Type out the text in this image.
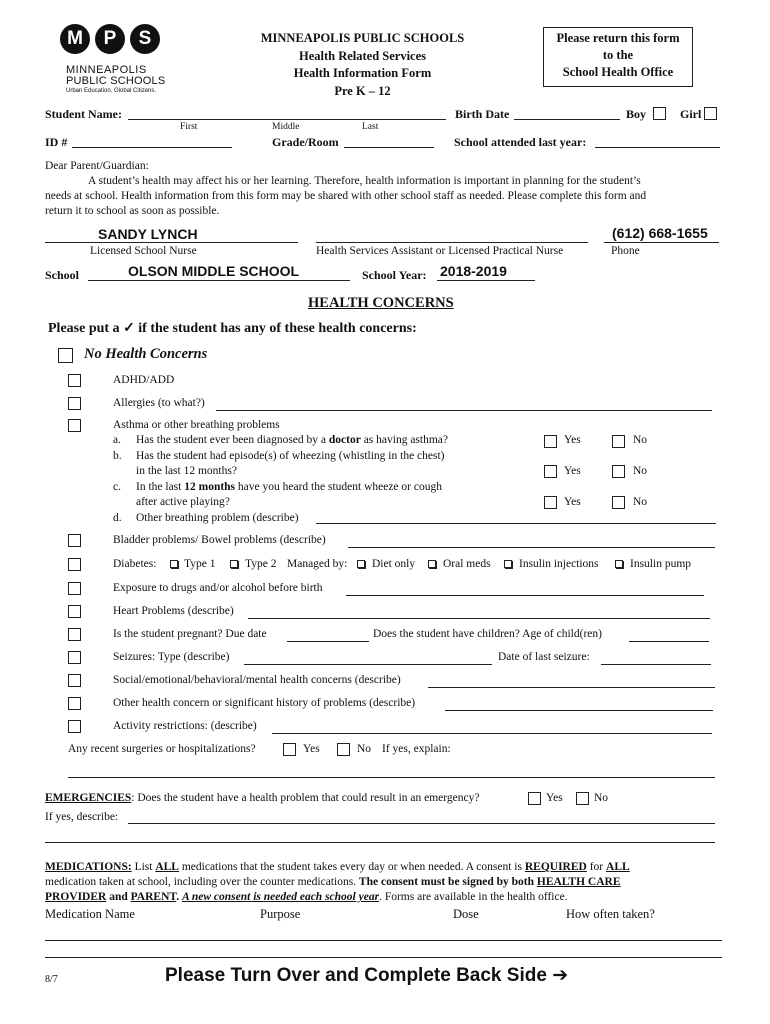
M	P	S
MINNEAPOLIS
PUBLIC SCHOOLS
Urban Education. Global Citizens.
MINNEAPOLIS PUBLIC SCHOOLS
Health Related Services
Health Information Form
Pre K – 12
Please return this form
to the
School Health Office
Student Name:
First	Middle	Last
Birth Date	Boy	Girl
ID #	Grade/Room	School attended last year:
Dear Parent/Guardian:
A student’s health may affect his or her learning. Therefore, health information is important in planning for the student’s
needs at school. Health information from this form may be shared with other school staff as needed. Please complete this form and
return it to school as soon as possible.
SANDY LYNCH
Licensed School Nurse	Health Services Assistant or Licensed Practical Nurse
(612) 668-1655
Phone
School	OLSON MIDDLE SCHOOL	School Year: 2018-2019
HEALTH CONCERNS
Please put a ✓ if the student has any of these health concerns:
No Health Concerns
ADHD/ADD
Allergies (to what?)
Asthma or other breathing problems
a. Has the student ever been diagnosed by a doctor as having asthma?	Yes	No
b. Has the student had episode(s) of wheezing (whistling in the chest)
in the last 12 months?	Yes	No
c. In the last 12 months have you heard the student wheeze or cough
after active playing?	Yes	No
d. Other breathing problem (describe)
Bladder problems/ Bowel problems (describe)
Diabetes: Type 1	Type 2 Managed by: Diet only Oral meds Insulin injections	Insulin pump
Exposure to drugs and/or alcohol before birth
Heart Problems (describe)
Is the student pregnant? Due date	Does the student have children? Age of child(ren)
Seizures: Type (describe)	Date of last seizure:
Social/emotional/behavioral/mental health concerns (describe)
Other health concern or significant history of problems (describe)
Activity restrictions: (describe)
Any recent surgeries or hospitalizations?	Yes	No If yes, explain:
EMERGENCIES: Does the student have a health problem that could result in an emergency?	Yes	No
If yes, describe:
MEDICATIONS: List ALL medications that the student takes every day or when needed. A consent is REQUIRED for ALL
medication taken at school, including over the counter medications. The consent must be signed by both HEALTH CARE
PROVIDER and PARENT. A new consent is needed each school year. Forms are available in the health office.
Medication Name	Purpose	Dose	How often taken?
8/7	Please Turn Over and Complete Back Side ➔
